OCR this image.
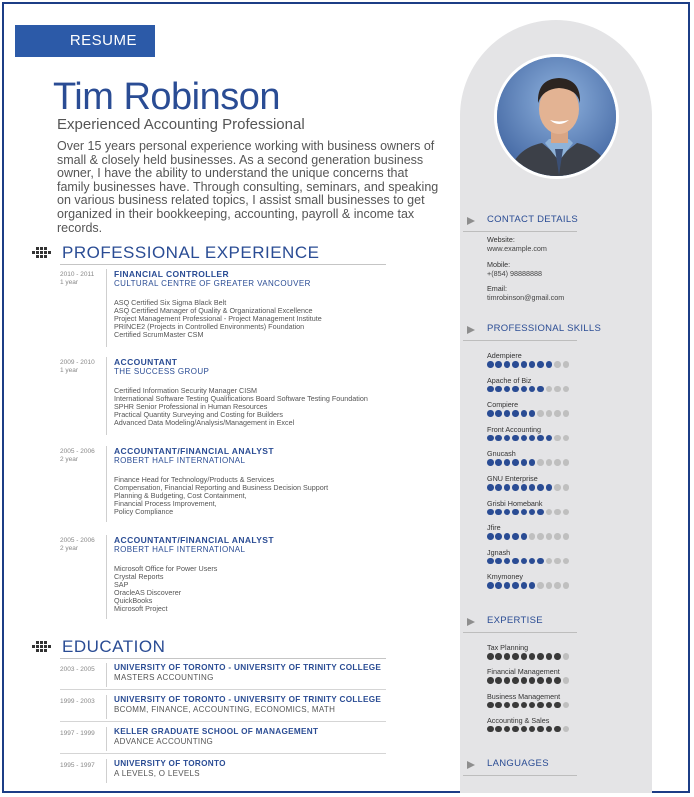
RESUME
Tim Robinson
Experienced Accounting Professional
Over 15 years personal experience working with business owners of small & closely held businesses. As a second generation business owner, I have the ability to understand the unique concerns that family businesses have. Through consulting, seminars, and speaking on various business related topics, I assist small businesses to get organized in their bookkeeping, accounting, payroll & income tax records.
PROFESSIONAL EXPERIENCE
2010 - 2011
1 year
FINANCIAL CONTROLLER
CULTURAL CENTRE OF GREATER VANCOUVER
ASQ Certified Six Sigma Black Belt
ASQ Certified Manager of Quality & Organizational Excellence
Project Management Professional - Project Management Institute
PRINCE2 (Projects in Controlled Environments) Foundation
Certified ScrumMaster CSM
2009 - 2010
1 year
ACCOUNTANT
THE SUCCESS GROUP
Certified Information Security Manager CISM
International Software Testing Qualifications Board Software Testing Foundation
SPHR Senior Professional in Human Resources
Practical Quantity Surveying and Costing for Builders
Advanced Data Modeling/Analysis/Management in Excel
2005 - 2006
2 year
ACCOUNTANT/FINANCIAL ANALYST
ROBERT HALF INTERNATIONAL
Finance Head for Technology/Products & Services
Compensation, Financial Reporting and Business Decision Support
Planning & Budgeting, Cost Containment,
Financial Process Improvement,
Policy Compliance
2005 - 2006
2 year
ACCOUNTANT/FINANCIAL ANALYST
ROBERT HALF INTERNATIONAL
Microsoft Office for Power Users
Crystal Reports
SAP
OracleAS Discoverer
QuickBooks
Microsoft Project
EDUCATION
2003 - 2005 UNIVERSITY OF TORONTO - UNIVERSITY OF TRINITY COLLEGE
MASTERS ACCOUNTING
1999 - 2003 UNIVERSITY OF TORONTO - UNIVERSITY OF TRINITY COLLEGE
BCOMM, FINANCE, ACCOUNTING, ECONOMICS, MATH
1997 - 1999 KELLER GRADUATE SCHOOL OF MANAGEMENT
ADVANCE ACCOUNTING
1995 - 1997 UNIVERSITY OF TORONTO
A LEVELS, O LEVELS
CONTACT DETAILS
Website:
www.example.com
Mobile:
+(854) 98888888
Email:
timrobinson@gmail.com
PROFESSIONAL SKILLS
Adempiere
Apache of Biz
Compiere
Front Accounting
Gnucash
GNU Enterprise
Grisbi Homebank
Jfire
Jgnash
Kmymoney
EXPERTISE
Tax Planning
Financial Management
Business Management
Accounting & Sales
LANGUAGES
